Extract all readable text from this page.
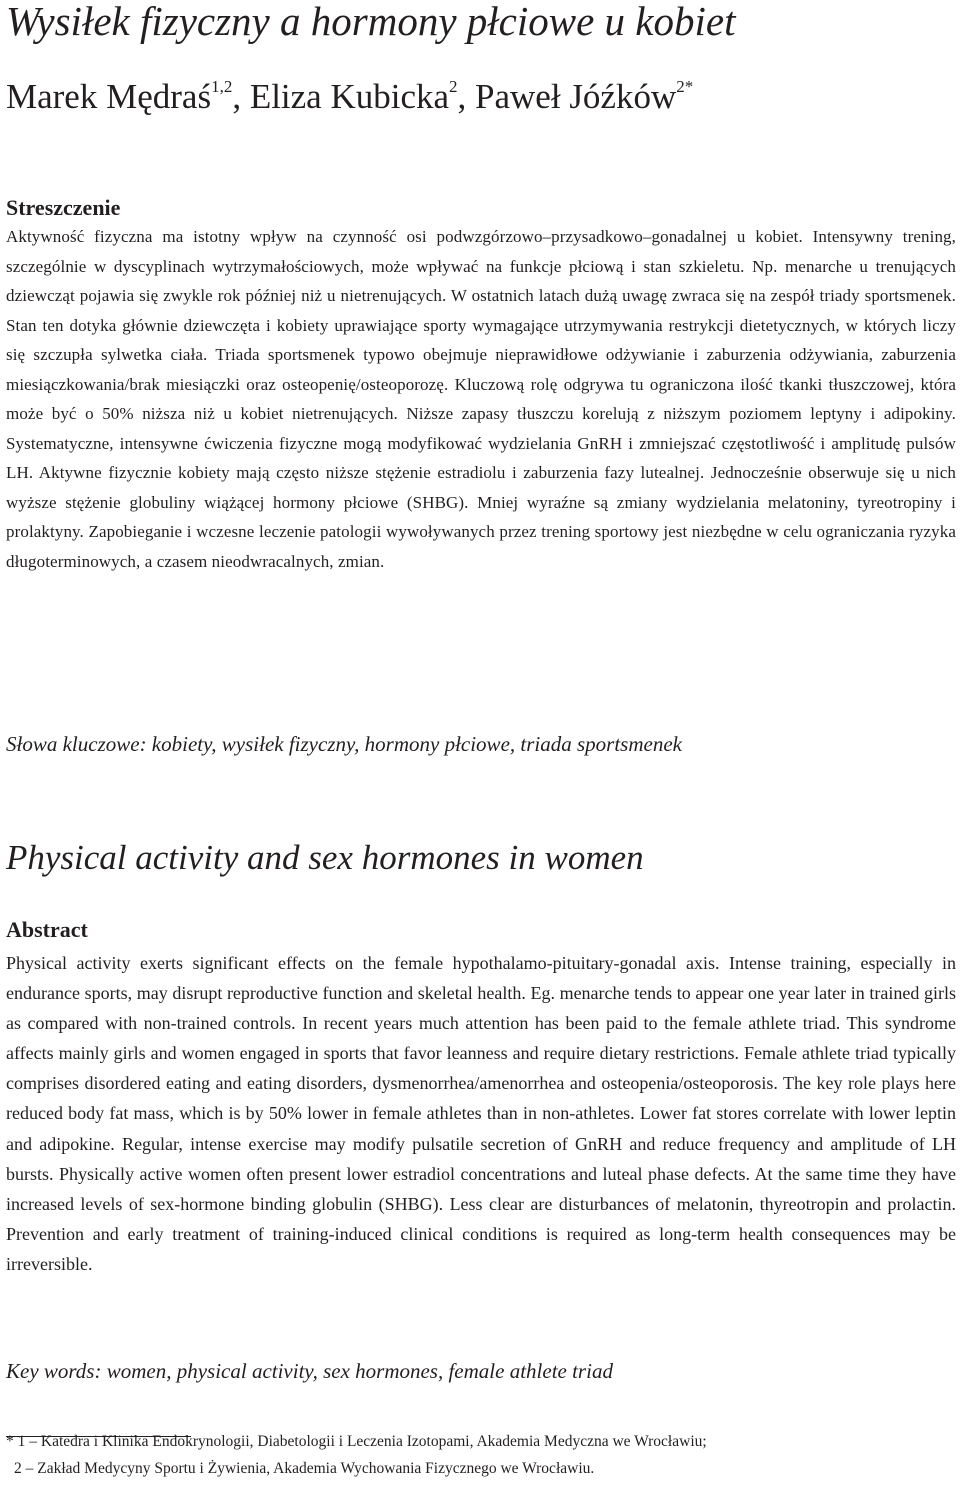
Wysiłek fizyczny a hormony płciowe u kobiet
Marek Mędraś$^{1,2}$, Eliza Kubicka$^2$, Paweł Jóźków$^{2*}$
Streszczenie

Aktywność fizyczna ma istotny wpływ na czynność osi podwzgórzowo–przysadkowo–gonadalnej u kobiet. Intensywny trening, szczególnie w dyscyplinach wytrzymałościowych, może wpływać na funkcje płciową i stan szkieletu. Np. menarche u trenujących dziewcząt pojawia się zwykle rok później niż u nietrenujących. W ostatnich latach dużą uwagę zwraca się na zespół triady sportsmenek. Stan ten dotyka głównie dziewczęta i kobiety uprawiające sporty wymagające utrzymywania restrykcji dietetycznych, w których liczy się szczupła sylwetka ciała. Triada sportsmenek typowo obejmuje nieprawidłowe odżywianie i zaburzenia odżywiania, zaburzenia miesiączkowania/brak miesiączki oraz osteopenię/osteoporozę. Kluczową rolę odgrywa tu ograniczona ilość tkanki tłuszczowej, która może być o 50% niższa niż u kobiet nietrenujących. Niższe zapasy tłuszczu korelują z niższym poziomem leptyny i adipokiny. Systematyczne, intensywne ćwiczenia fizyczne mogą modyfikować wydzielania GnRH i zmniejszać częstotliwość i amplitudę pulsów LH. Aktywne fizycznie kobiety mają często niższe stężenie estradiolu i zaburzenia fazy lutealnej. Jednocześnie obserwuje się u nich wyższe stężenie globuliny wiążącej hormony płciowe (SHBG). Mniej wyraźne są zmiany wydzielania melatoniny, tyreotropiny i prolaktyny. Zapobieganie i wczesne leczenie patologii wywoływanych przez trening sportowy jest niezbędne w celu ograniczania ryzyka długoterminowych, a czasem nieodwracalnych, zmian.

Słowa kluczowe: kobiety, wysiłek fizyczny, hormony płciowe, triada sportsmenek

Physical activity and sex hormones in women
Abstract

Physical activity exerts significant effects on the female hypothalamo-pituitary-gonadal axis. Intense training, especially in endurance sports, may disrupt reproductive function and skeletal health. Eg. menarche tends to appear one year later in trained girls as compared with non-trained controls. In recent years much attention has been paid to the female athlete triad. This syndrome affects mainly girls and women engaged in sports that favor leanness and require dietary restrictions. Female athlete triad typically comprises disordered eating and eating disorders, dysmenorrhea/amenorrhea and osteopenia/osteoporosis. The key role plays here reduced body fat mass, which is by 50% lower in female athletes than in non-athletes. Lower fat stores correlate with lower leptin and adipokine. Regular, intense exercise may modify pulsatile secretion of GnRH and reduce frequency and amplitude of LH bursts. Physically active women often present lower estradiol concentrations and luteal phase defects. At the same time they have increased levels of sex-hormone binding globulin (SHBG). Less clear are disturbances of melatonin, thyreotropin and prolactin. Prevention and early treatment of training-induced clinical conditions is required as long-term health consequences may be irreversible.

Key words: women, physical activity, sex hormones, female athlete triad

* 1 – Katedra i Klinika Endokrynologii, Diabetologii i Leczenia Izotopami, Akademia Medyczna we Wrocławiu;

2 – Zakład Medycyny Sportu i Żywienia, Akademia Wychowania Fizycznego we Wrocławiu.
